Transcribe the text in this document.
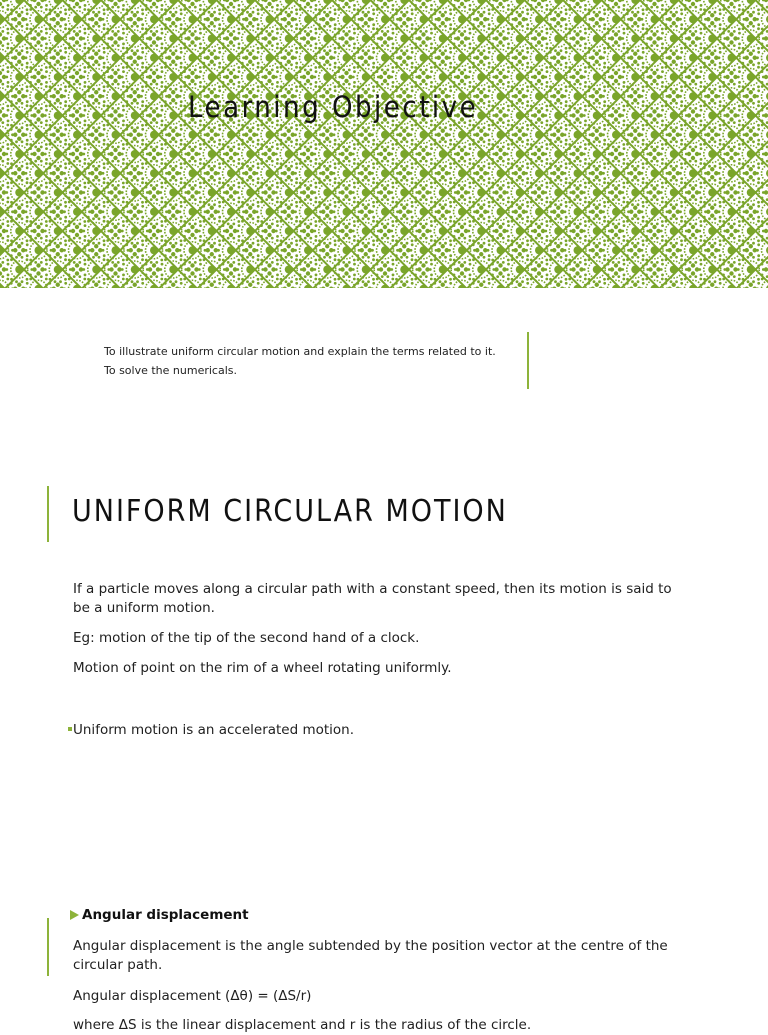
Learning Objective

To illustrate uniform circular motion and explain the terms related to it.

To solve the numericals.

UNIFORM CIRCULAR MOTION

If a particle moves along a circular path with a constant speed, then its motion is said to be a uniform motion.

Eg: motion of the tip of the second hand of a clock.

Motion of point on the rim of a wheel rotating uniformly.

Uniform motion is an accelerated motion.
Angular displacement

Angular displacement is the angle subtended by the position vector at the centre of the circular path.

Angular displacement (Δθ) = (ΔS/r)

where ΔS is the linear displacement and r is the radius of the circle.
